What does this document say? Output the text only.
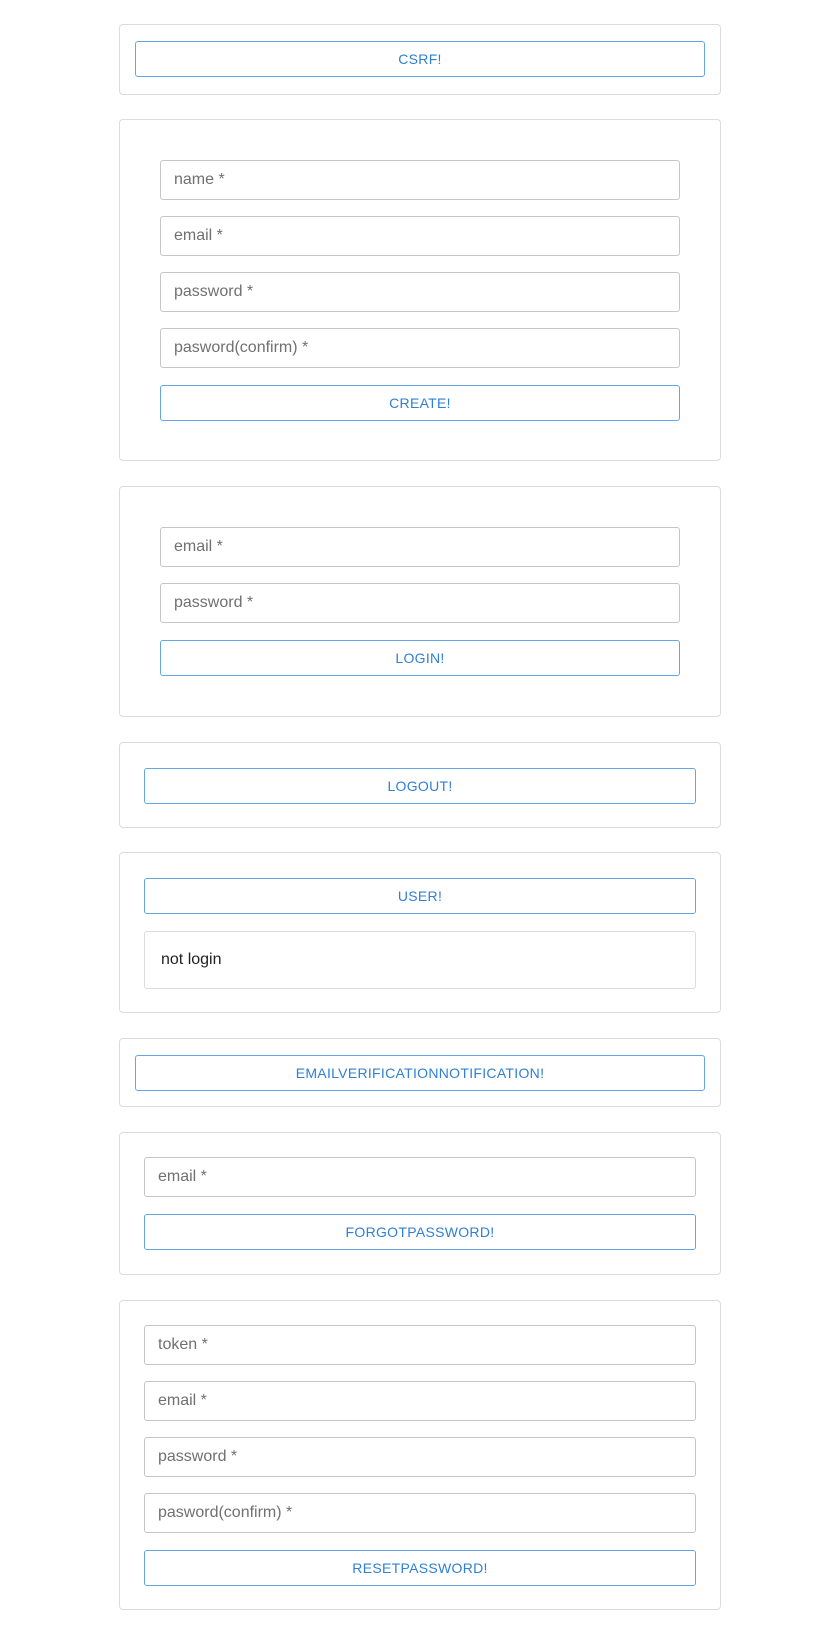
CSRF!
name *
email *
CREATE!
email *
LOGIN!
LOGOUT!
USER!
not login
EMAILVERIFICATIONNOTIFICATION!
email *
FORGOTPASSWORD!
token *
email *
RESETPASSWORD!
